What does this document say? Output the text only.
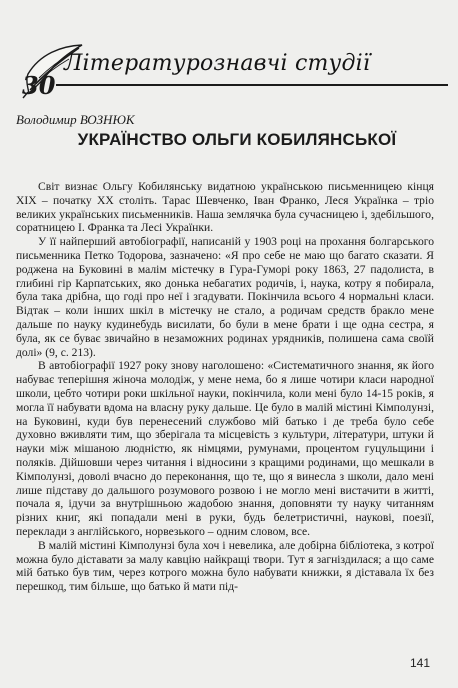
Літературознавчі студії
30
Володимир ВОЗНЮК
УКРАЇНСТВО ОЛЬГИ КОБИЛЯНСЬКОЇ

Світ визнає Ольгу Кобилянську видатною українською письменницею кінця ХІХ – початку ХХ століть. Тарас Шевченко, Іван Франко, Леся Українка – тріо великих українських письменників. Наша землячка була сучасницею і, здебільшого, соратницею І. Франка та Лесі Українки.

У її найперший автобіографії, написаній у 1903 році на прохання болгарського письменника Петко Тодорова, зазначено: «Я про себе не маю що багато сказати. Я роджена на Буковині в малім містечку в Гура-Гуморі року 1863, 27 падолиста, в глибині гір Карпатських, яко донька небагатих родичів, і, наука, котру я побирала, була така дрібна, що годі про неї і згадувати. Покінчила всього 4 нормальні класи. Відтак – коли інших шкіл в містечку не стало, а родичам средств бракло мене дальше по науку кудинебудь висилати, бо були в мене брати і ще одна сестра, я була, як се буває звичайно в незаможних родинах урядників, полишена сама своїй долі» (9, с. 213).

В автобіографії 1927 року знову наголошено: «Систематичного знання, як його набуває теперішня жіноча молодіж, у мене нема, бо я лише чотири класи народної школи, цебто чотири роки шкільної науки, покінчила, коли мені було 14-15 років, я могла її набувати вдома на власну руку дальше. Це було в малій містині Кімполунзі, на Буковині, куди був перенесений службово мій батько і де треба було себе духовно вживляти тим, що зберігала та місцевість з культури, літератури, штуки й науки між мішаною людністю, як німцями, румунами, процентом гуцульщини і поляків. Дійшовши через читання і відносини з кращими родинами, що мешкали в Кімполунзі, доволі вчасно до переконання, що те, що я винесла з школи, дало мені лише підставу до дальшого розумового розвою і не могло мені вистачити в житті, почала я, ідучи за внутрішньою жадобою знання, доповняти ту науку читанням різних книг, які попадали мені в руки, будь белетристичні, наукові, поезії, переклади з англійського, норвезького – одним словом, все.

В малій містині Кімполунзі була хоч і невелика, але добірна бібліотека, з котрої можна було діставати за малу кавцію найкращі твори. Тут я загніздилася; а що саме мій батько був тим, через котрого можна було набувати книжки, я діставала їх без перешкод, тим більше, що батько й мати під-

141
